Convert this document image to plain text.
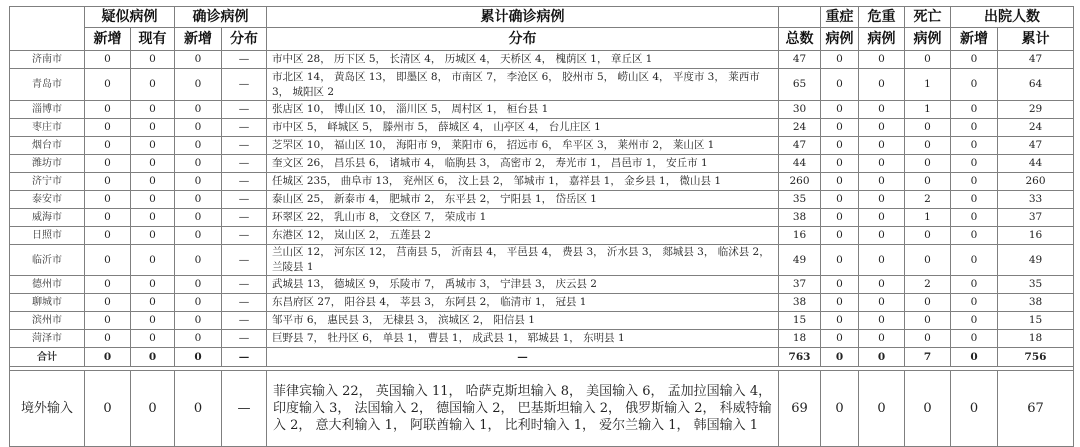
	疑似病例		确诊病例		累计确诊病例		重症	危重	死亡	出院人数	
	新增	现有	新增	分布	分布	总数	病例	病例	病例	新增	累计
济南市	0	0	0	—	市中区 28， 历下区 5， 长清区 4， 历城区 4， 天桥区 4， 槐荫区 1， 章丘区 1	47	0	0	0	0	47
青岛市	0	0	0	—	市北区 14， 黄岛区 13， 即墨区 8， 市南区 7， 李沧区 6， 胶州市 5， 崂山区 4， 平度市 3， 莱西市 3， 城阳区 2	65	0	0	1	0	64
淄博市	0	0	0	—	张店区 10， 博山区 10， 淄川区 5， 周村区 1， 桓台县 1	30	0	0	1	0	29
枣庄市	0	0	0	—	市中区 5， 峄城区 5， 滕州市 5， 薛城区 4， 山亭区 4， 台儿庄区 1	24	0	0	0	0	24
烟台市	0	0	0	—	芝罘区 10， 福山区 10， 海阳市 9， 莱阳市 6， 招远市 6， 牟平区 3， 莱州市 2， 莱山区 1	47	0	0	0	0	47
潍坊市	0	0	0	—	奎文区 26， 昌乐县 6， 诸城市 4， 临朐县 3， 高密市 2， 寿光市 1， 昌邑市 1， 安丘市 1	44	0	0	0	0	44
济宁市	0	0	0	—	任城区 235， 曲阜市 13， 兖州区 6， 汶上县 2， 邹城市 1， 嘉祥县 1， 金乡县 1， 微山县 1	260	0	0	0	0	260
泰安市	0	0	0	—	泰山区 25， 新泰市 4， 肥城市 2， 东平县 2， 宁阳县 1， 岱岳区 1	35	0	0	2	0	33
威海市	0	0	0	—	环翠区 22， 乳山市 8， 文登区 7， 荣成市 1	38	0	0	1	0	37
日照市	0	0	0	—	东港区 12， 岚山区 2， 五莲县 2	16	0	0	0	0	16
临沂市	0	0	0	—	兰山区 12， 河东区 12， 莒南县 5， 沂南县 4， 平邑县 4， 费县 3， 沂水县 3， 郯城县 3， 临沭县 2， 兰陵县 1	49	0	0	0	0	49
德州市	0	0	0	—	武城县 13， 德城区 9， 乐陵市 7， 禹城市 3， 宁津县 3， 庆云县 2	37	0	0	2	0	35
聊城市	0	0	0	—	东昌府区 27， 阳谷县 4， 莘县 3， 东阿县 2， 临清市 1， 冠县 1	38	0	0	0	0	38
滨州市	0	0	0	—	邹平市 6， 惠民县 3， 无棣县 3， 滨城区 2， 阳信县 1	15	0	0	0	0	15
菏泽市	0	0	0	—	巨野县 7， 牡丹区 6， 单县 1， 曹县 1， 成武县 1， 郓城县 1， 东明县 1	18	0	0	0	0	18
合计	0	0	0	—	—	763	0	0	7	0	756

境外输入	0	0	0	—	菲律宾输入 22， 英国输入 11， 哈萨克斯坦输入 8， 美国输入 6， 孟加拉国输入 4， 印度输入 3， 法国输入 2， 德国输入 2， 巴基斯坦输入 2， 俄罗斯输入 2， 科威特输入 2， 意大利输入 1， 阿联酋输入 1， 比利时输入 1， 爱尔兰输入 1， 韩国输入 1	69	0	0	0	0	67
